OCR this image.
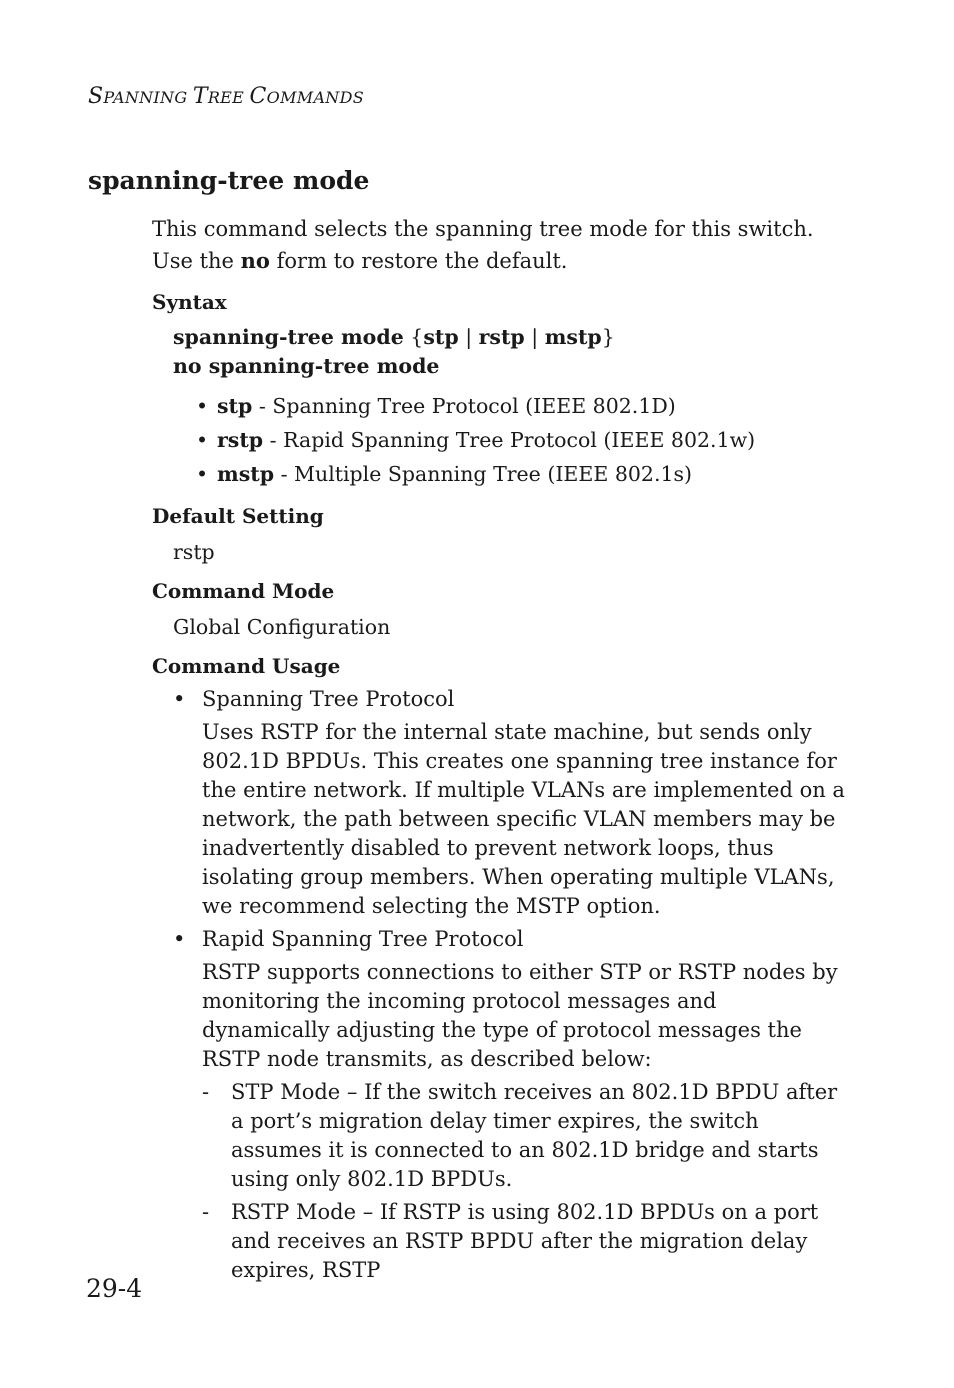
SPANNING TREE COMMANDS
spanning-tree mode

This command selects the spanning tree mode for this switch. Use the no form to restore the default.

Syntax
spanning-tree mode {stp | rstp | mstp}
no spanning-tree mode
• stp - Spanning Tree Protocol (IEEE 802.1D)
• rstp - Rapid Spanning Tree Protocol (IEEE 802.1w)
• mstp - Multiple Spanning Tree (IEEE 802.1s)
Default Setting
rstp
Command Mode
Global Configuration
Command Usage
• Spanning Tree Protocol

Uses RSTP for the internal state machine, but sends only 802.1D BPDUs. This creates one spanning tree instance for the entire network. If multiple VLANs are implemented on a network, the path between specific VLAN members may be inadvertently disabled to prevent network loops, thus isolating group members. When operating multiple VLANs, we recommend selecting the MSTP option.

• Rapid Spanning Tree Protocol

RSTP supports connections to either STP or RSTP nodes by monitoring the incoming protocol messages and dynamically adjusting the type of protocol messages the RSTP node transmits, as described below:

- STP Mode – If the switch receives an 802.1D BPDU after a port’s migration delay timer expires, the switch assumes it is connected to an 802.1D bridge and starts using only 802.1D BPDUs.
- RSTP Mode – If RSTP is using 802.1D BPDUs on a port and receives an RSTP BPDU after the migration delay expires, RSTP
29-4
